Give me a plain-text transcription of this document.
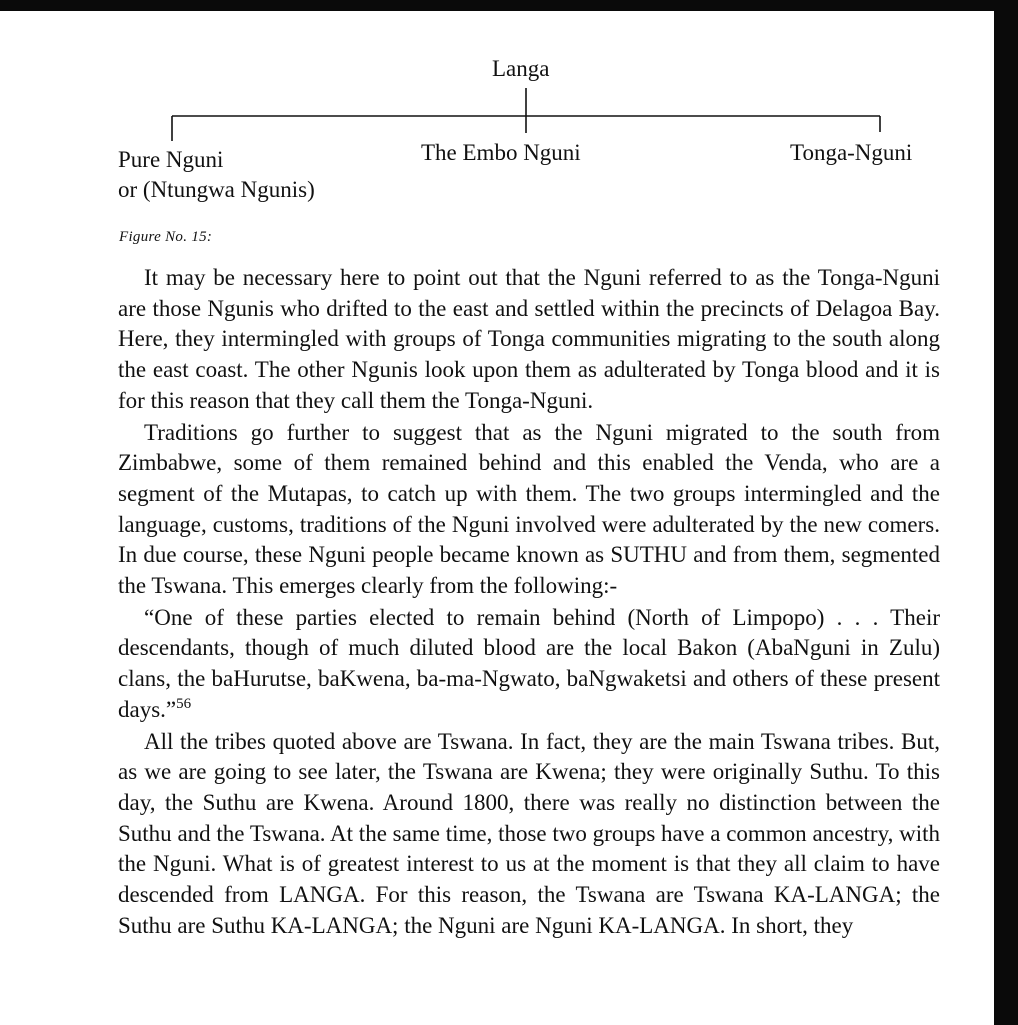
Langa
Pure Nguni
or (Ntungwa Ngunis)
The Embo Nguni	Tonga-Nguni
Figure No. 15:

It may be necessary here to point out that the Nguni referred to as the Tonga-Nguni are those Ngunis who drifted to the east and settled within the precincts of Delagoa Bay. Here, they intermingled with groups of Tonga communities migrating to the south along the east coast. The other Ngunis look upon them as adulterated by Tonga blood and it is for this reason that they call them the Tonga-Nguni.

Traditions go further to suggest that as the Nguni migrated to the south from Zimbabwe, some of them remained behind and this enabled the Venda, who are a segment of the Mutapas, to catch up with them. The two groups intermingled and the language, customs, traditions of the Nguni involved were adulterated by the new comers. In due course, these Nguni people became known as SUTHU and from them, segmented the Tswana. This emerges clearly from the following:-

“One of these parties elected to remain behind (North of Limpopo) . . . Their descendants, though of much diluted blood are the local Bakon (AbaNguni in Zulu) clans, the baHurutse, baKwena, ba-ma-Ngwato, baNgwaketsi and others of these present days.”$^{56}$

All the tribes quoted above are Tswana. In fact, they are the main Tswana tribes. But, as we are going to see later, the Tswana are Kwena; they were originally Suthu. To this day, the Suthu are Kwena. Around 1800, there was really no distinction between the Suthu and the Tswana. At the same time, those two groups have a common ancestry, with the Nguni. What is of greatest interest to us at the moment is that they all claim to have descended from LANGA. For this reason, the Tswana are Tswana KA-LANGA; the Suthu are Suthu KA-LANGA; the Nguni are Nguni KA-LANGA. In short, they
